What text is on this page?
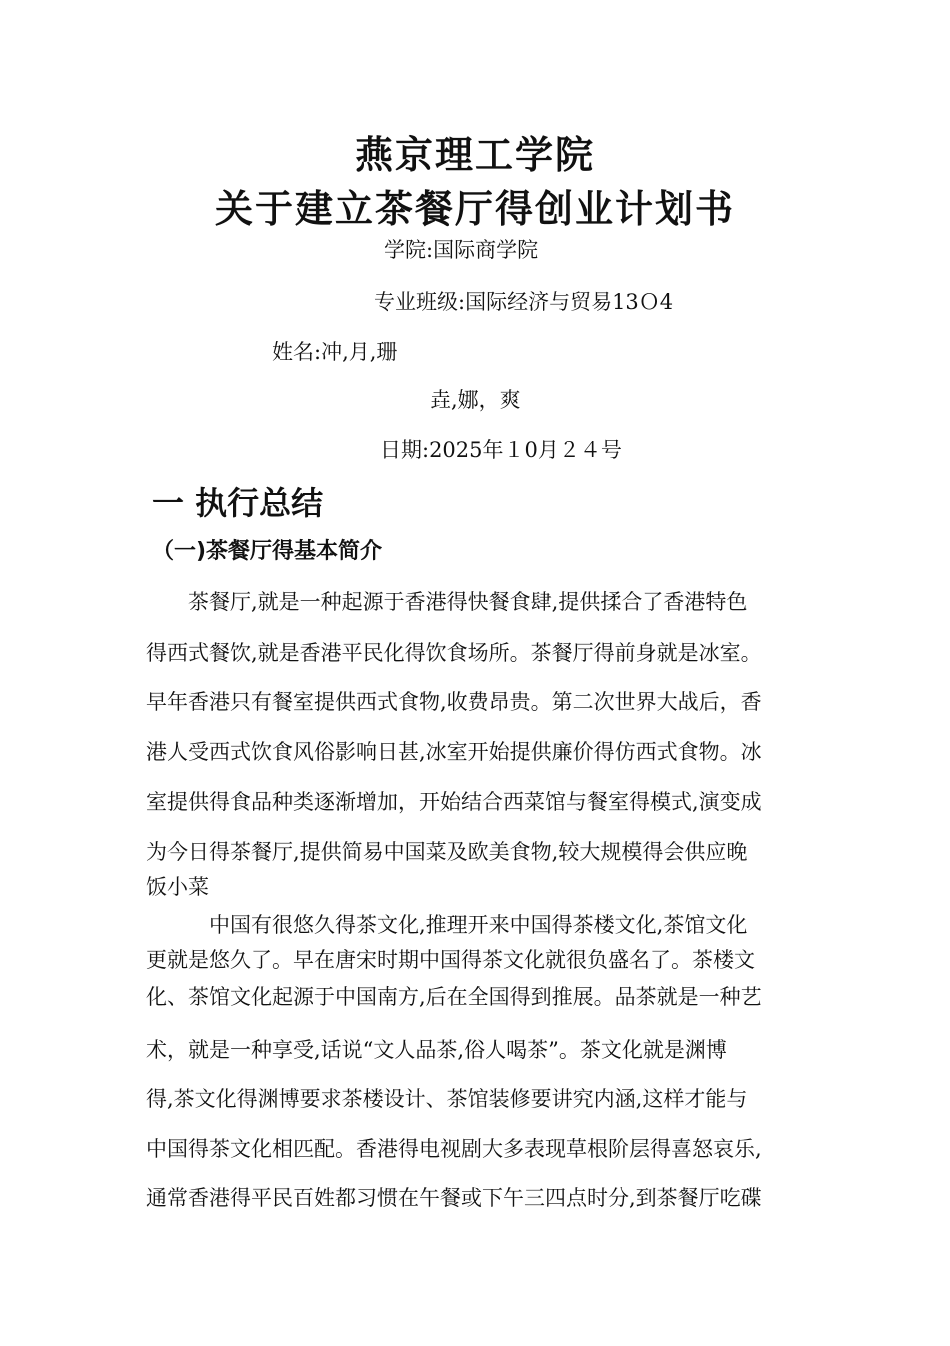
燕京理工学院
关于建立茶餐厅得创业计划书

学院:国际商学院

专业班级:国际经济与贸易13Ｏ4

姓名:冲,月,珊

垚,娜，爽

日期:2025年１0月２４号

一 执行总结
（一)茶餐厅得基本简介

　　茶餐厅,就是一种起源于香港得快餐食肆,提供揉合了香港特色

得西式餐饮,就是香港平民化得饮食场所。茶餐厅得前身就是冰室。

早年香港只有餐室提供西式食物,收费昂贵。第二次世界大战后，香

港人受西式饮食风俗影响日甚,冰室开始提供廉价得仿西式食物。冰

室提供得食品种类逐渐增加，开始结合西菜馆与餐室得模式,演变成

为今日得茶餐厅,提供简易中国菜及欧美食物,较大规模得会供应晚

饭小菜

　　　中国有很悠久得茶文化,推理开来中国得茶楼文化,茶馆文化

更就是悠久了。早在唐宋时期中国得茶文化就很负盛名了。茶楼文

化、茶馆文化起源于中国南方,后在全国得到推展。品茶就是一种艺

术，就是一种享受,话说“文人品茶,俗人喝茶”。茶文化就是渊博

得,茶文化得渊博要求茶楼设计、茶馆装修要讲究内涵,这样才能与

中国得茶文化相匹配。香港得电视剧大多表现草根阶层得喜怒哀乐,

通常香港得平民百姓都习惯在午餐或下午三四点时分,到茶餐厅吃碟
